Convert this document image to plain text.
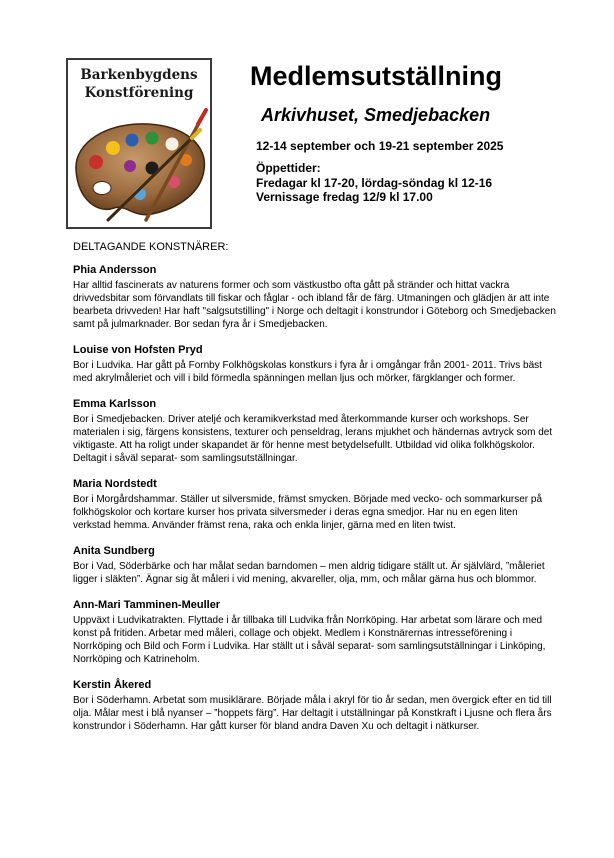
Barkenbygdens
Konstförening
Medlemsutställning
Arkivhuset, Smedjebacken

12-14 september och 19-21 september 2025

Öppettider:
Fredagar kl 17-20, lördag-söndag kl 12-16
Vernissage fredag 12/9 kl 17.00
DELTAGANDE KONSTNÄRER:

Phia Andersson

Har alltid fascinerats av naturens former och som västkustbo ofta gått på stränder och hittat vackra drivvedsbitar som förvandlats till fiskar och fåglar - och ibland får de färg. Utmaningen och glädjen är att inte bearbeta drivveden! Har haft "salgsutstilling" i Norge och deltagit i konstrundor i Göteborg och Smedjebacken samt på julmarknader. Bor sedan fyra år i Smedjebacken.

Louise von Hofsten Pryd

Bor i Ludvika. Har gått på Fornby Folkhögskolas konstkurs i fyra år i omgångar från 2001- 2011. Trivs bäst med akrylmåleriet och vill i bild förmedla spänningen mellan ljus och mörker, färgklanger och former.

Emma Karlsson

Bor i Smedjebacken. Driver ateljé och keramikverkstad med återkommande kurser och workshops. Ser materialen i sig, färgens konsistens, texturer och penseldrag, lerans mjukhet och händernas avtryck som det viktigaste. Att ha roligt under skapandet är för henne mest betydelsefullt. Utbildad vid olika folkhögskolor. Deltagit i såväl separat- som samlingsutställningar.

Maria Nordstedt

Bor i Morgårdshammar. Ställer ut silversmide, främst smycken. Började med vecko- och sommarkurser på folkhögskolor och kortare kurser hos privata silversmeder i deras egna smedjor. Har nu en egen liten verkstad hemma. Använder främst rena, raka och enkla linjer, gärna med en liten twist.

Anita Sundberg

Bor i Vad, Söderbärke och har målat sedan barndomen – men aldrig tidigare ställt ut. Är självlärd, ”måleriet ligger i släkten”. Ägnar sig åt måleri i vid mening, akvareller, olja, mm, och målar gärna hus och blommor.

Ann-Mari Tamminen-Meuller

Uppväxt i Ludvikatrakten. Flyttade i år tillbaka till Ludvika från Norrköping. Har arbetat som lärare och med konst på fritiden. Arbetar med måleri, collage och objekt. Medlem i Konstnärernas intresseförening i Norrköping och Bild och Form i Ludvika. Har ställt ut i såväl separat- som samlingsutställningar i Linköping, Norrköping och Katrineholm.

Kerstin Åkered

Bor i Söderhamn. Arbetat som musiklärare. Började måla i akryl för tio år sedan, men övergick efter en tid till olja. Målar mest i blå nyanser – ”hoppets färg”. Har deltagit i utställningar på Konstkraft i Ljusne och flera års konstrundor i Söderhamn. Har gått kurser för bland andra Daven Xu och deltagit i nätkurser.
